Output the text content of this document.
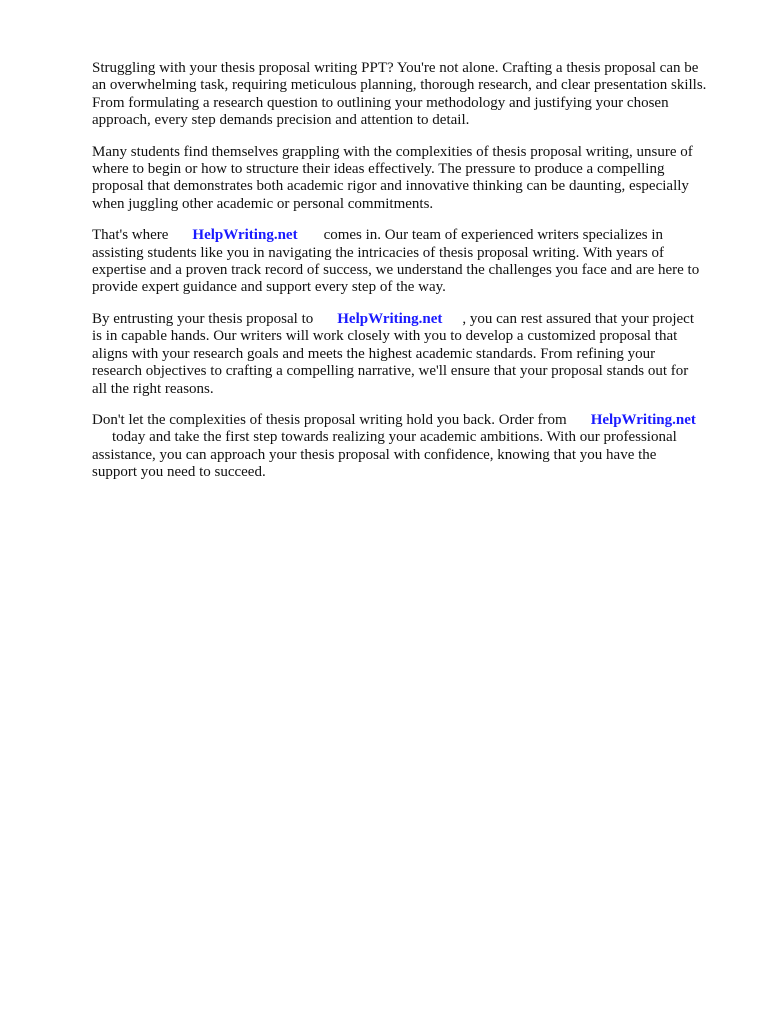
Struggling with your thesis proposal writing PPT? You're not alone. Crafting a thesis proposal can be
an overwhelming task, requiring meticulous planning, thorough research, and clear presentation skills.
From formulating a research question to outlining your methodology and justifying your chosen
approach, every step demands precision and attention to detail.

Many students find themselves grappling with the complexities of thesis proposal writing, unsure of
where to begin or how to structure their ideas effectively. The pressure to produce a compelling
proposal that demonstrates both academic rigor and innovative thinking can be daunting, especially
when juggling other academic or personal commitments.

That's where HelpWriting.net comes in. Our team of experienced writers specializes in
assisting students like you in navigating the intricacies of thesis proposal writing. With years of
expertise and a proven track record of success, we understand the challenges you face and are here to
provide expert guidance and support every step of the way.

By entrusting your thesis proposal to HelpWriting.net , you can rest assured that your project
is in capable hands. Our writers will work closely with you to develop a customized proposal that
aligns with your research goals and meets the highest academic standards. From refining your
research objectives to crafting a compelling narrative, we'll ensure that your proposal stands out for
all the right reasons.

Don't let the complexities of thesis proposal writing hold you back. Order from HelpWriting.net
today and take the first step towards realizing your academic ambitions. With our professional
assistance, you can approach your thesis proposal with confidence, knowing that you have the
support you need to succeed.
